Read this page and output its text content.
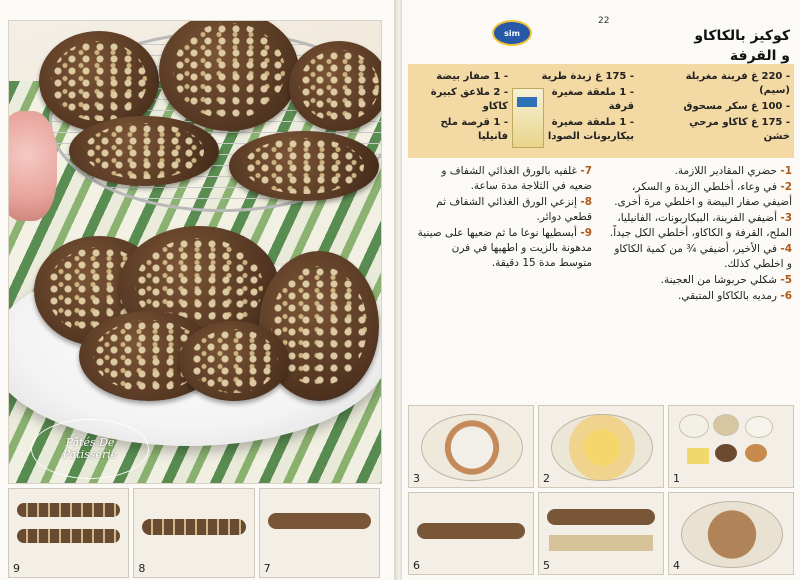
Pâtés De
Pâtisserie
9	8	7
sim
22
كوكيز بالكاكاو
و القرفة
- 220 غ فرينة مغربلة (سيم)
- 100 غ سكر مسحوق
- 175 غ كاكاو مرحي خشن
- 175 غ زبدة طرية
- 1 ملعقة صغيرة قرفة
- 1 ملعقة صغيرة بيكاربونات الصودا
- 1 صفار بيضة
- 2 ملاعق كبيرة كاكاو
- 1 قرصة ملح فانيليا

1- حضري المقادير اللازمة.

2- في وعاء، أخلطي الزبدة و السكر، أضيفي صفار البيضة و اخلطي مرة أخرى.

3- أضيفي الفرينة، البيكاربونات، الفانيليا، الملح، القرفة و الكاكاو، أخلطي الكل جيداً.

4- في الأخير، أضيفي ¾ من كمية الكاكاو و اخلطي كذلك.

5- شكلي حربوشا من العجينة.

6- رمديه بالكاكاو المتبقي.

7- غلفيه بالورق الغذائي الشفاف و ضعيه في الثلاجة مدة ساعة.

8- إنزعي الورق الغذائي الشفاف ثم قطعي دوائر.

9- أبسطيها نوعا ما ثم ضعيها على صينية مدهونة بالزيت و اطهيها في فرن متوسط مدة 15 دقيقة.

3	2	1
6	5	4
